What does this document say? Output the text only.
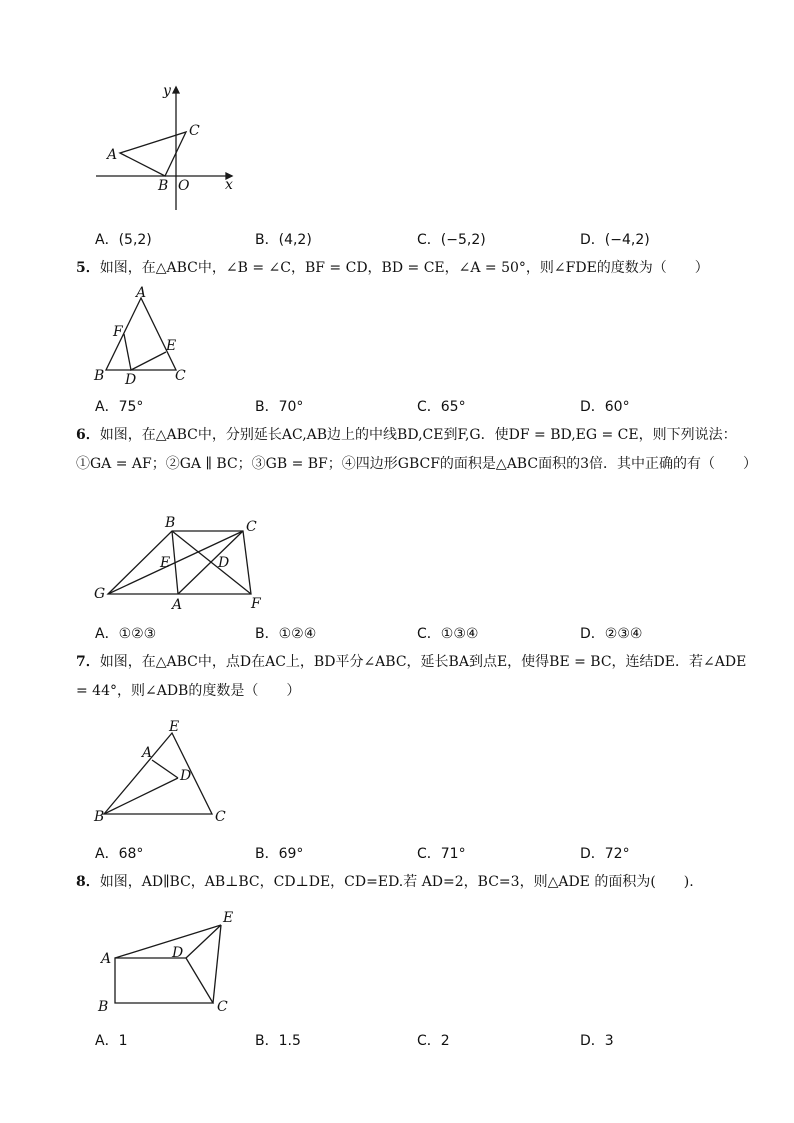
y
x
A
B
C
O
A．(5,2)	B．(4,2)	C．(−5,2)	D．(−4,2)

5．如图，在△ABC中，∠B = ∠C，BF = CD，BD = CE，∠A = 50°，则∠FDE的度数为（　　）

A
B	C
D
E
F
A．75°	B．70°	C．65°	D．60°

6．如图，在△ABC中，分别延长AC,AB边上的中线BD,CE到F,G．使DF = BD,EG = CE，则下列说法：①GA = AF；②GA ∥ BC；③GB = BF；④四边形GBCF的面积是△ABC面积的3倍．其中正确的有（　　）

A
B	C
D
E
F
G
A．①②③	B．①②④	C．①③④	D．②③④

7．如图，在△ABC中，点D在AC上，BD平分∠ABC，延长BA到点E，使得BE = BC，连结DE．若∠ADE = 44°，则∠ADB的度数是（　　）

A
B	C
D
E
A．68°	B．69°	C．71°	D．72°

8．如图，AD∥BC，AB⊥BC，CD⊥DE，CD=ED.若 AD=2，BC=3，则△ADE 的面积为(　　).

A
B	C
D
E
A．1	B．1.5	C．2	D．3
